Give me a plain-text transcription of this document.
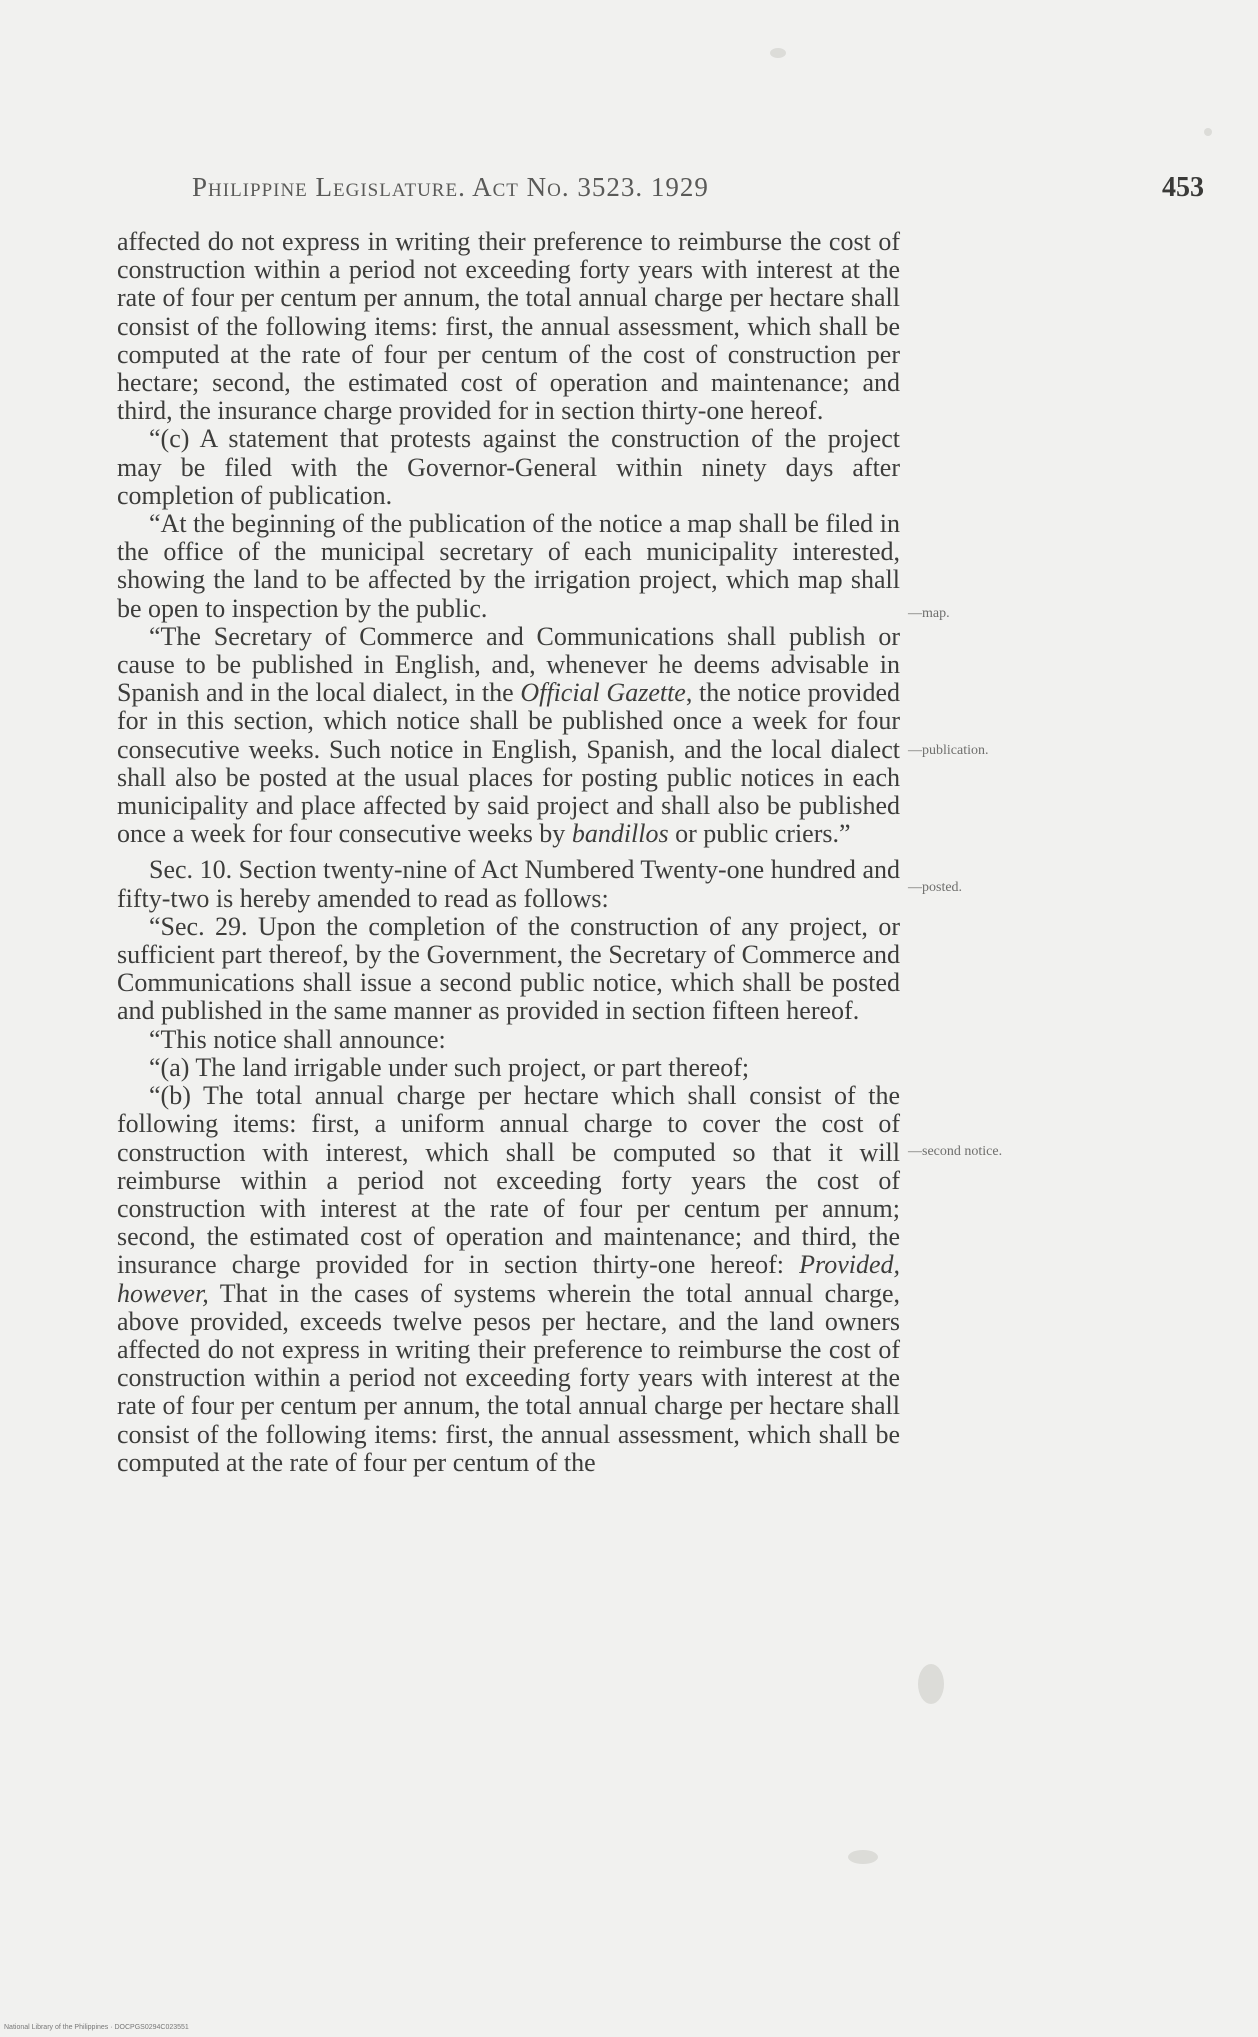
Philippine Legislature. Act No. 3523. 1929	453

affected do not express in writing their preference to reimburse the cost of construction within a period not exceeding forty years with interest at the rate of four per centum per annum, the total annual charge per hectare shall consist of the following items: first, the annual assessment, which shall be computed at the rate of four per centum of the cost of construction per hectare; second, the estimated cost of operation and maintenance; and third, the insurance charge provided for in section thirty-one hereof.

“(c) A statement that protests against the construction of the project may be filed with the Governor-General within ninety days after completion of publication.

“At the beginning of the publication of the notice a map shall be filed in the office of the municipal secretary of each municipality interested, showing the land to be affected by the irrigation project, which map shall be open to inspection by the public.

“The Secretary of Commerce and Communications shall publish or cause to be published in English, and, whenever he deems advisable in Spanish and in the local dialect, in the Official Gazette, the notice provided for in this section, which notice shall be published once a week for four consecutive weeks. Such notice in English, Spanish, and the local dialect shall also be posted at the usual places for posting public notices in each municipality and place affected by said project and shall also be published once a week for four consecutive weeks by bandillos or public criers.”

Sec. 10. Section twenty-nine of Act Numbered Twenty-one hundred and fifty-two is hereby amended to read as follows:

“Sec. 29. Upon the completion of the construction of any project, or sufficient part thereof, by the Government, the Secretary of Commerce and Communications shall issue a second public notice, which shall be posted and published in the same manner as provided in section fifteen hereof.

“This notice shall announce:

“(a) The land irrigable under such project, or part thereof;

“(b) The total annual charge per hectare which shall consist of the following items: first, a uniform annual charge to cover the cost of construction with interest, which shall be computed so that it will reimburse within a period not exceeding forty years the cost of construction with interest at the rate of four per centum per annum; second, the estimated cost of operation and maintenance; and third, the insurance charge provided for in section thirty-one hereof: Provided, however, That in the cases of systems wherein the total annual charge, above provided, exceeds twelve pesos per hectare, and the land owners affected do not express in writing their preference to reimburse the cost of construction within a period not exceeding forty years with interest at the rate of four per centum per annum, the total annual charge per hectare shall consist of the following items: first, the annual assessment, which shall be computed at the rate of four per centum of the

—map.
—publication.
—posted.
—second notice.
National Library of the Philippines · DOCPGS0294C023551
